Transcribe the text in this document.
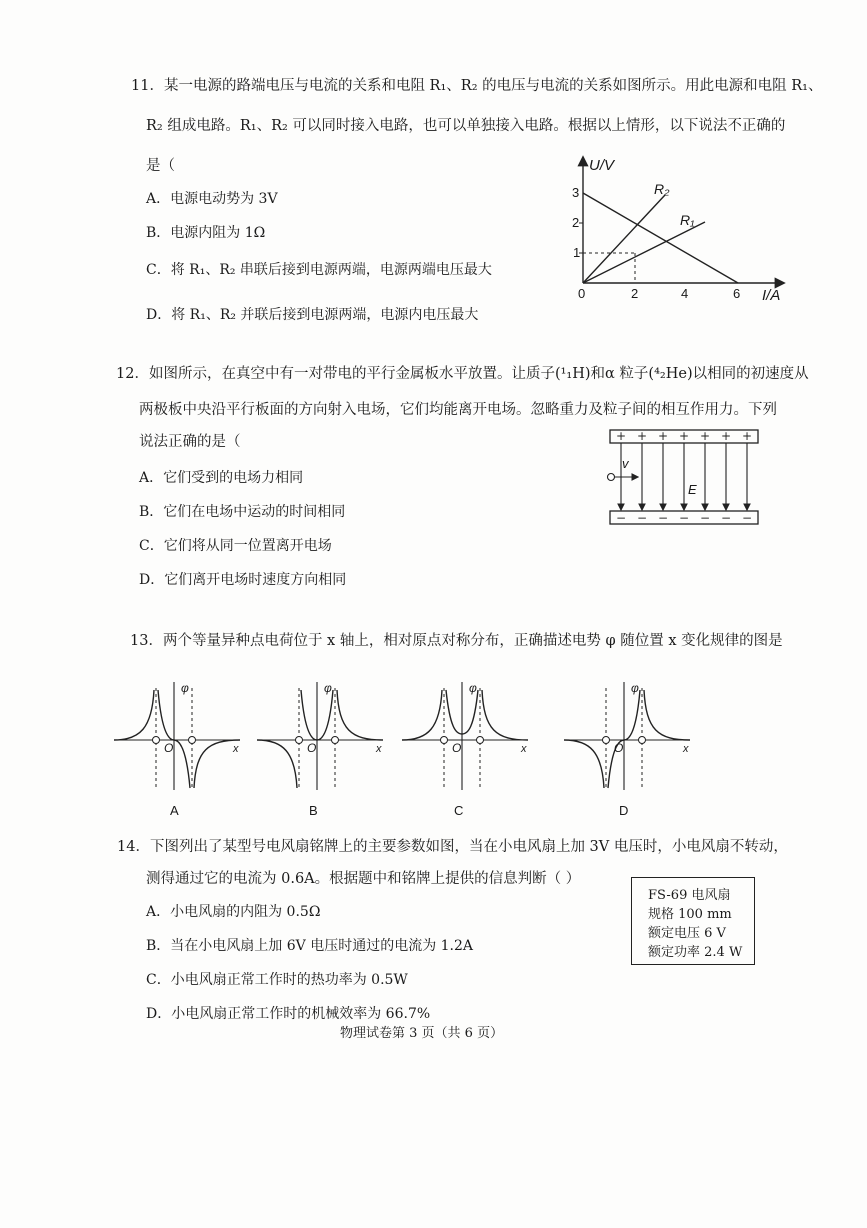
11．某一电源的路端电压与电流的关系和电阻 R₁、R₂ 的电压与电流的关系如图所示。用此电源和电阻 R₁、
R₂ 组成电路。R₁、R₂ 可以同时接入电路，也可以单独接入电路。根据以上情形，以下说法不正确的
是（
A．电源电动势为 3V
B．电源内阻为 1Ω
C．将 R₁、R₂ 串联后接到电源两端，电源两端电压最大
D．将 R₁、R₂ 并联后接到电源两端，电源内电压最大
U/V
I/A
0
3
2
1
2	4	6
R₂
R₁
12．如图所示，在真空中有一对带电的平行金属板水平放置。让质子(¹₁H)和α 粒子(⁴₂He)以相同的初速度从
两极板中央沿平行板面的方向射入电场，它们均能离开电场。忽略重力及粒子间的相互作用力。下列
说法正确的是（
A．它们受到的电场力相同
B．它们在电场中运动的时间相同
C．它们将从同一位置离开电场
D．它们离开电场时速度方向相同
+ + + + + + +
− − − − − − −
v
E
13．两个等量异种点电荷位于 x 轴上，相对原点对称分布，正确描述电势 φ 随位置 x 变化规律的图是
φ
O	x
A
φ
O	x
B
φ
O	x
C
φ
O	x
D
14．下图列出了某型号电风扇铭牌上的主要参数如图，当在小电风扇上加 3V 电压时，小电风扇不转动，
测得通过它的电流为 0.6A。根据题中和铭牌上提供的信息判断（ ）
A．小电风扇的内阻为 0.5Ω
B．当在小电风扇上加 6V 电压时通过的电流为 1.2A
C．小电风扇正常工作时的热功率为 0.5W
D．小电风扇正常工作时的机械效率为 66.7%
FS-69 电风扇
规格 100 mm
额定电压 6 V
额定功率 2.4 W
物理试卷第 3 页（共 6 页）
